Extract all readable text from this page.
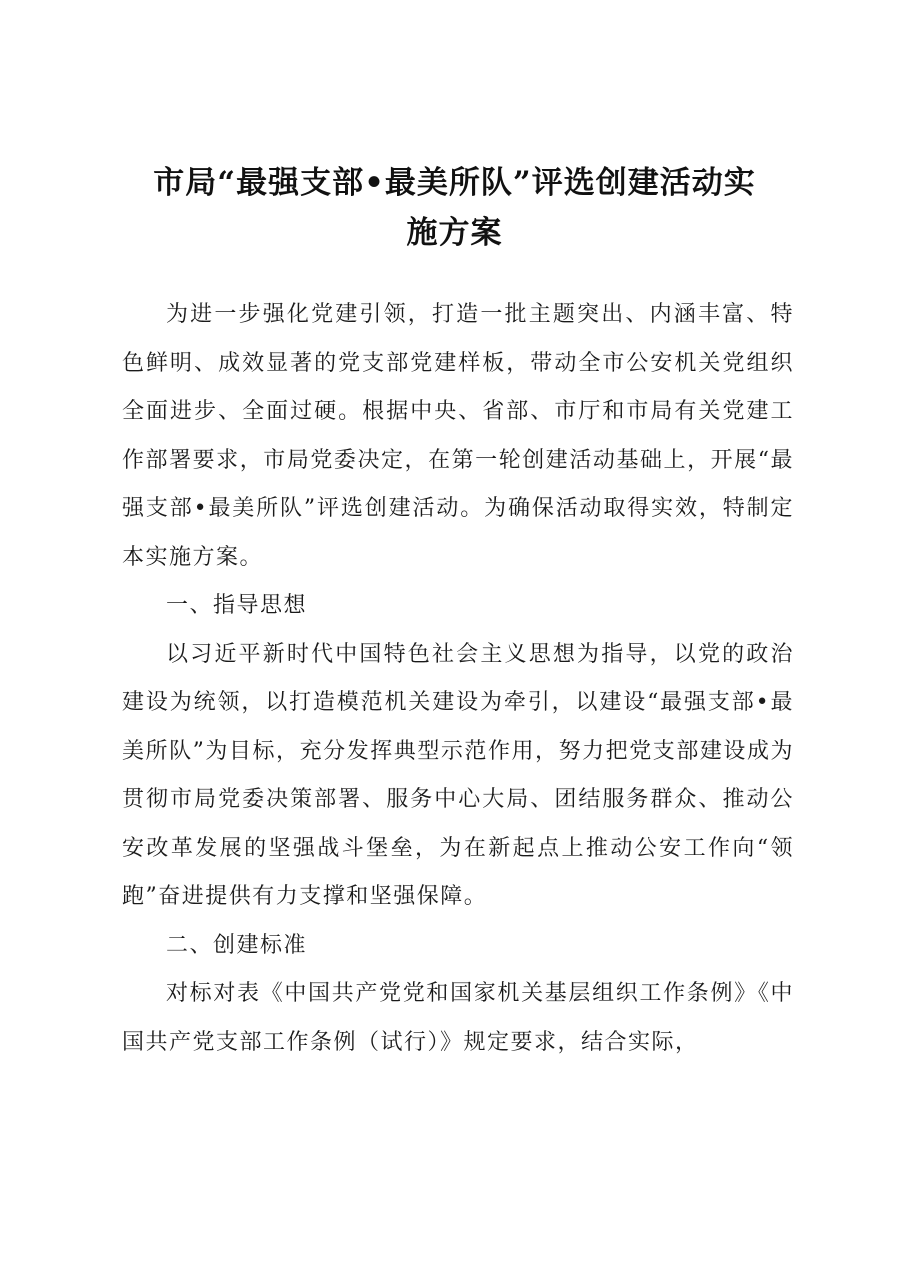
市局“最强支部•最美所队”评选创建活动实
施方案

为进一步强化党建引领，打造一批主题突出、内涵丰富、特色鲜明、成效显著的党支部党建样板，带动全市公安机关党组织全面进步、全面过硬。根据中央、省部、市厅和市局有关党建工作部署要求，市局党委决定，在第一轮创建活动基础上，开展“最强支部•最美所队”评选创建活动。为确保活动取得实效，特制定本实施方案。

一、指导思想

以习近平新时代中国特色社会主义思想为指导，以党的政治建设为统领，以打造模范机关建设为牵引，以建设“最强支部•最美所队”为目标，充分发挥典型示范作用，努力把党支部建设成为贯彻市局党委决策部署、服务中心大局、团结服务群众、推动公安改革发展的坚强战斗堡垒，为在新起点上推动公安工作向“领跑”奋进提供有力支撑和坚强保障。

二、创建标准

对标对表《中国共产党党和国家机关基层组织工作条例》《中国共产党支部工作条例（试行）》规定要求，结合实际，
